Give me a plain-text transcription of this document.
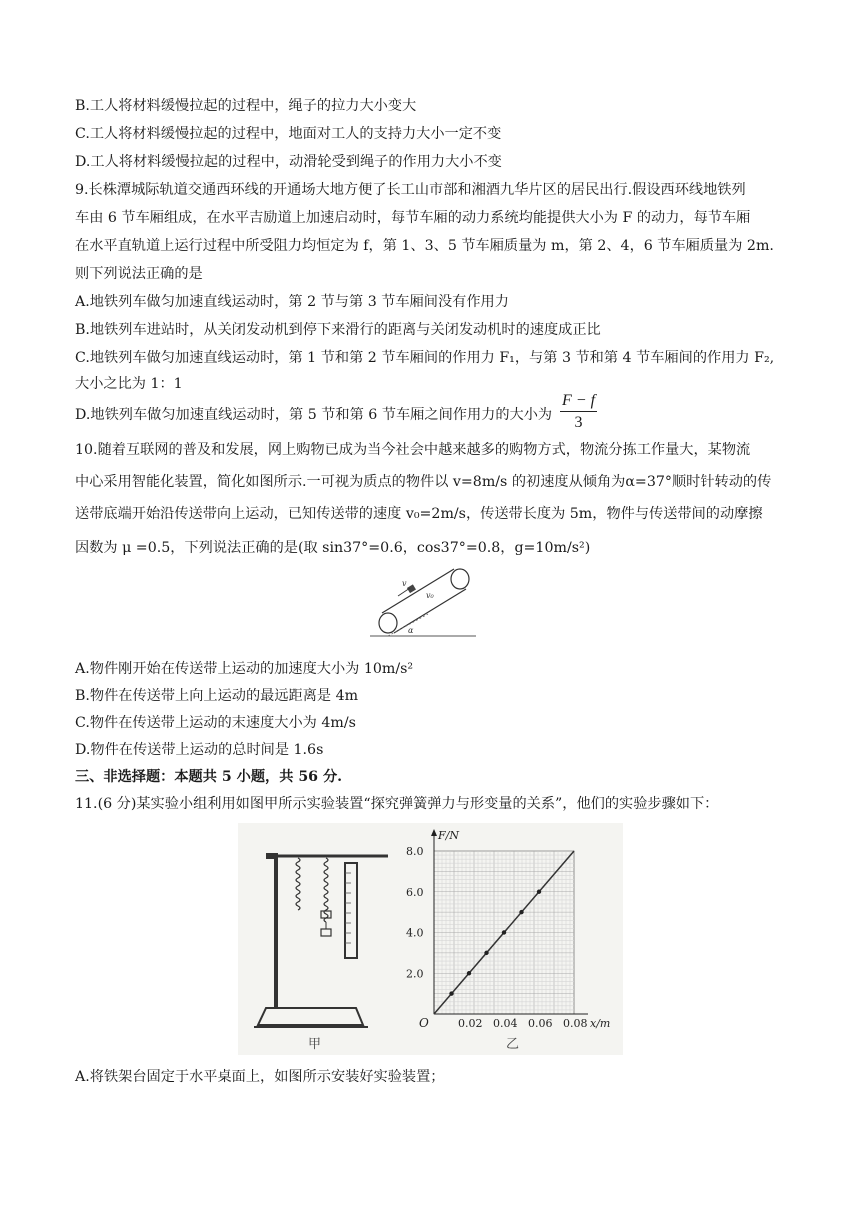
B.工人将材料缓慢拉起的过程中，绳子的拉力大小变大
C.工人将材料缓慢拉起的过程中，地面对工人的支持力大小一定不变
D.工人将材料缓慢拉起的过程中，动滑轮受到绳子的作用力大小不变
9.长株潭城际轨道交通西环线的开通场大地方便了长工山市部和湘酒九华片区的居民出行.假设西环线地铁列
车由 6 节车厢组成，在水平吉励道上加速启动时，每节车厢的动力系统均能提供大小为 F 的动力，每节车厢
在水平直轨道上运行过程中所受阻力均恒定为 f，第 1、3、5 节车厢质量为 m，第 2、4，6 节车厢质量为 2m.
则下列说法正确的是
A.地铁列车做匀加速直线运动时，第 2 节与第 3 节车厢间没有作用力
B.地铁列车进站时，从关闭发动机到停下来滑行的距离与关闭发动机时的速度成正比
C.地铁列车做匀加速直线运动时，第 1 节和第 2 节车厢间的作用力 F₁，与第 3 节和第 4 节车厢间的作用力 F₂,
大小之比为 1：1
D.地铁列车做匀加速直线运动时，第 5 节和第 6 节车厢之间作用力的大小为 $\frac{F - f}{3}$
10.随着互联网的普及和发展，网上购物已成为当今社会中越来越多的购物方式，物流分拣工作量大，某物流
中心采用智能化装置，简化如图所示.一可视为质点的物件以 v=8m/s 的初速度从倾角为α=37°顺时针转动的传
送带底端开始沿传送带向上运动，已知传送带的速度 v₀=2m/s，传送带长度为 5m，物件与传送带间的动摩擦
因数为 μ =0.5，下列说法正确的是(取 sin37°=0.6，cos37°=0.8，g=10m/s²)
v
v₀
α
A.物件刚开始在传送带上运动的加速度大小为 10m/s²
B.物件在传送带上向上运动的最远距离是 4m
C.物件在传送带上运动的末速度大小为 4m/s
D.物件在传送带上运动的总时间是 1.6s
三、非选择题：本题共 5 小题，共 56 分.
11.(6 分)某实验小组利用如图甲所示实验装置“探究弹簧弹力与形变量的关系”，他们的实验步骤如下：
甲
F/N
x/m
O
2.0
4.0
6.0
8.0
0.02 0.04 0.06 0.08
乙
A.将铁架台固定于水平桌面上，如图所示安装好实验装置；
